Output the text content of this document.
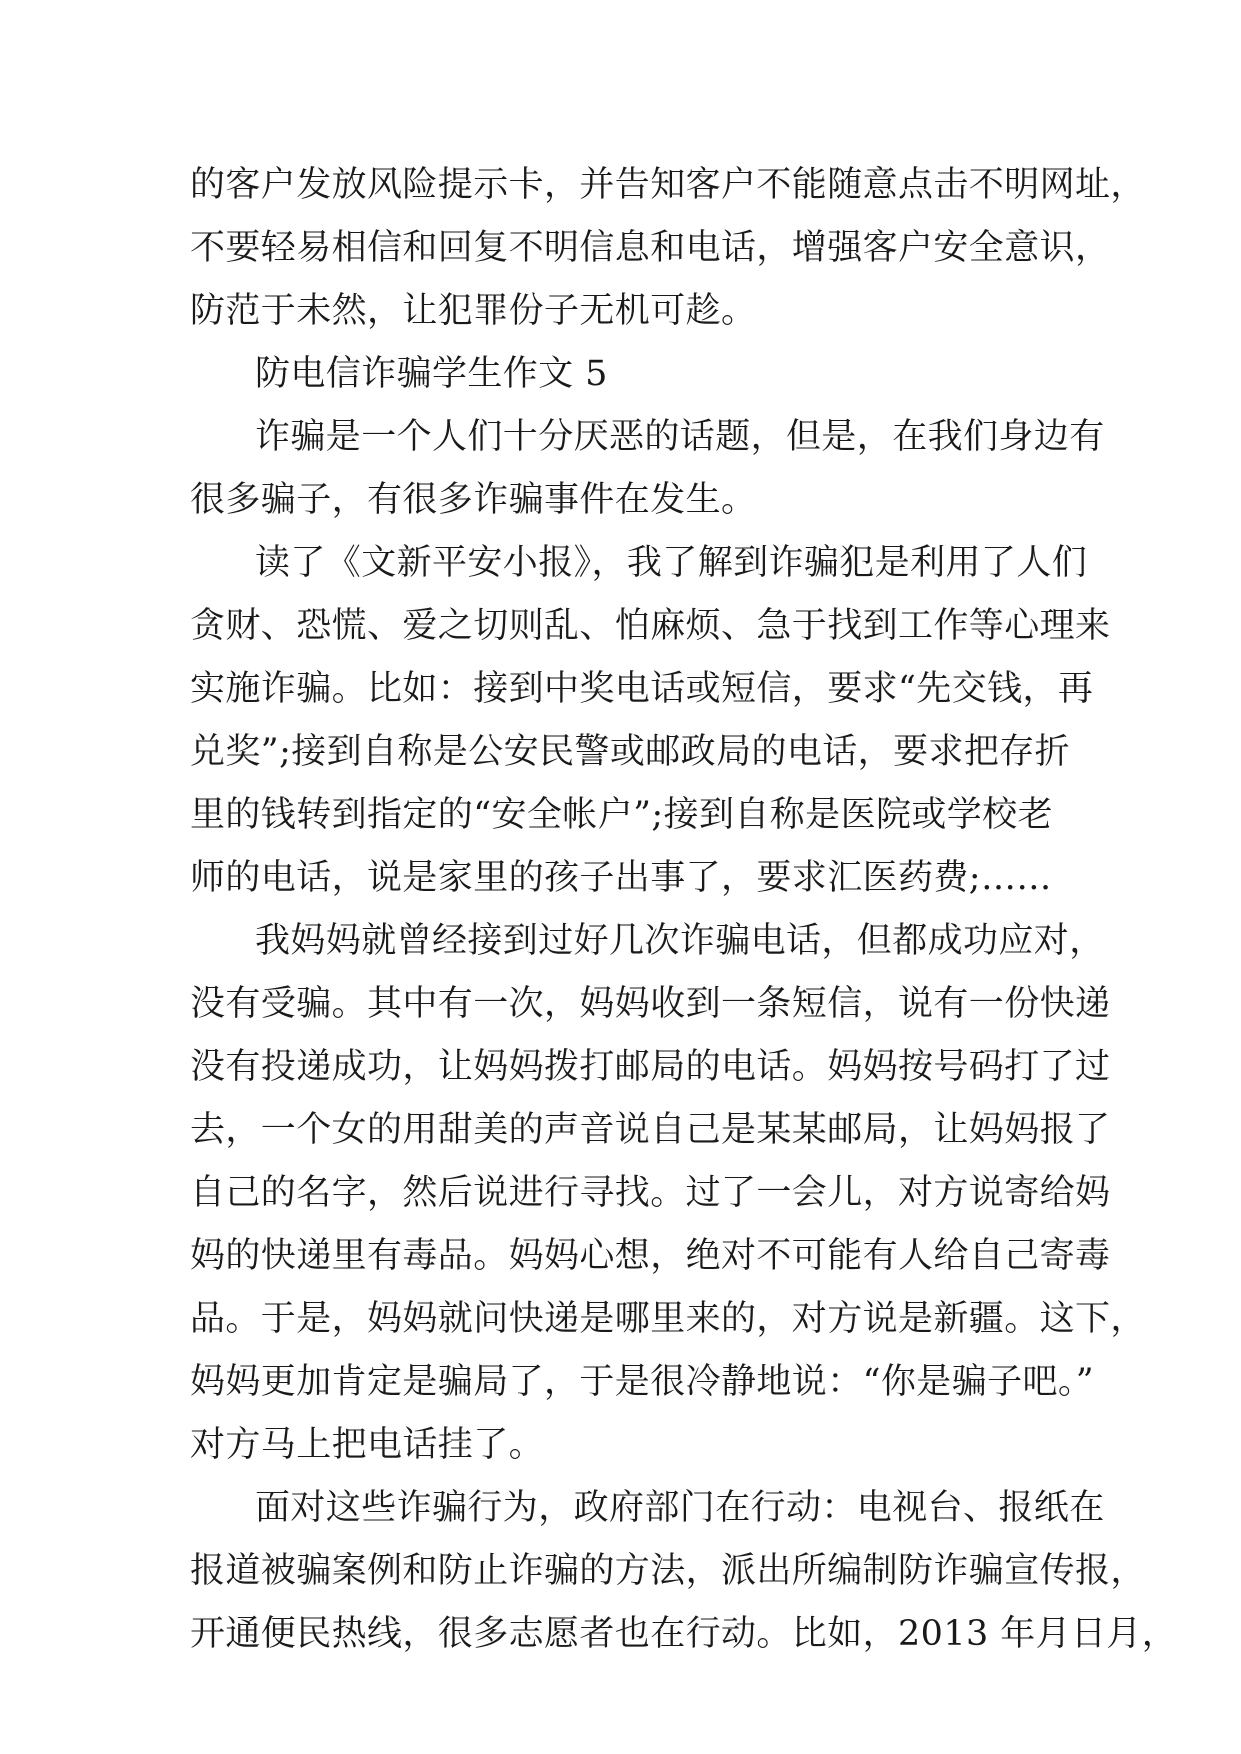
的客户发放风险提示卡，并告知客户不能随意点击不明网址，
不要轻易相信和回复不明信息和电话，增强客户安全意识，
防范于未然，让犯罪份子无机可趁。
防电信诈骗学生作文 5
诈骗是一个人们十分厌恶的话题，但是，在我们身边有
很多骗子，有很多诈骗事件在发生。
读了《文新平安小报》，我了解到诈骗犯是利用了人们
贪财、恐慌、爱之切则乱、怕麻烦、急于找到工作等心理来
实施诈骗。比如：接到中奖电话或短信，要求“先交钱，再
兑奖”;接到自称是公安民警或邮政局的电话，要求把存折
里的钱转到指定的“安全帐户”;接到自称是医院或学校老
师的电话，说是家里的孩子出事了，要求汇医药费;……
我妈妈就曾经接到过好几次诈骗电话，但都成功应对，
没有受骗。其中有一次，妈妈收到一条短信，说有一份快递
没有投递成功，让妈妈拨打邮局的电话。妈妈按号码打了过
去，一个女的用甜美的声音说自己是某某邮局，让妈妈报了
自己的名字，然后说进行寻找。过了一会儿，对方说寄给妈
妈的快递里有毒品。妈妈心想，绝对不可能有人给自己寄毒
品。于是，妈妈就问快递是哪里来的，对方说是新疆。这下，
妈妈更加肯定是骗局了，于是很冷静地说：“你是骗子吧。”
对方马上把电话挂了。
面对这些诈骗行为，政府部门在行动：电视台、报纸在
报道被骗案例和防止诈骗的方法，派出所编制防诈骗宣传报，
开通便民热线，很多志愿者也在行动。比如，2013 年月日月，
